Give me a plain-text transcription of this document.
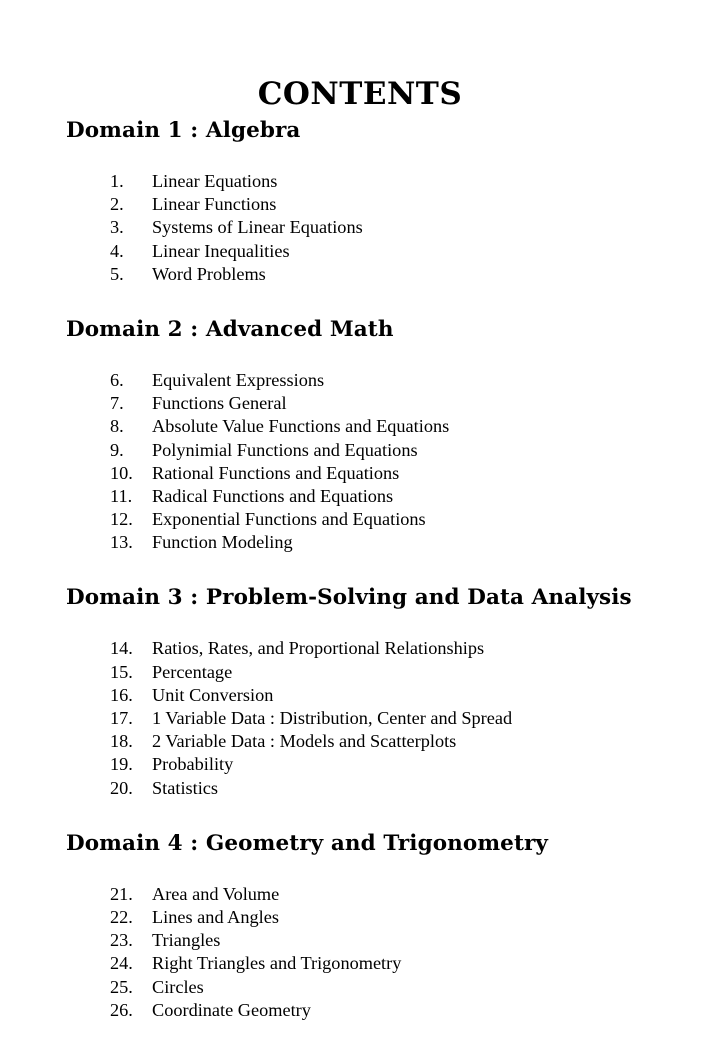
CONTENTS
Domain 1 : Algebra
1.	Linear Equations
2.	Linear Functions
3.	Systems of Linear Equations
4.	Linear Inequalities
5.	Word Problems
Domain 2 : Advanced Math
6.	Equivalent Expressions
7.	Functions General
8.	Absolute Value Functions and Equations
9.	Polynimial Functions and Equations
10.	Rational Functions and Equations
11.	Radical Functions and Equations
12.	Exponential Functions and Equations
13.	Function Modeling
Domain 3 : Problem-Solving and Data Analysis
14.	Ratios, Rates, and Proportional Relationships
15.	Percentage
16.	Unit Conversion
17.	1 Variable Data : Distribution, Center and Spread
18.	2 Variable Data : Models and Scatterplots
19.	Probability
20.	Statistics
Domain 4 : Geometry and Trigonometry
21.	Area and Volume
22.	Lines and Angles
23.	Triangles
24.	Right Triangles and Trigonometry
25.	Circles
26.	Coordinate Geometry
